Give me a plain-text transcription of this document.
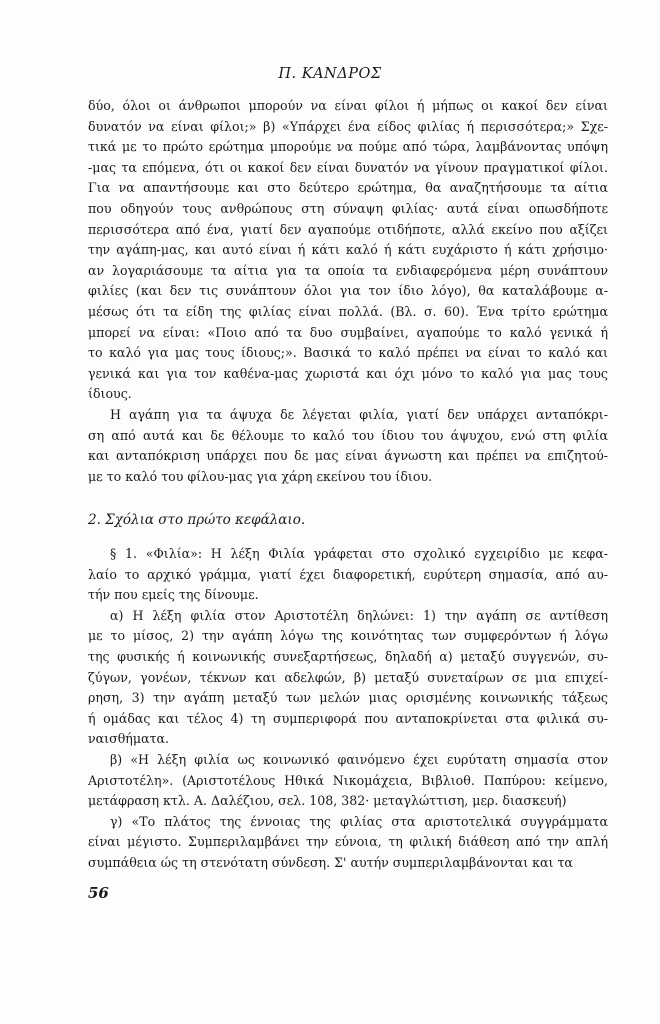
Π. ΚΑΝΔΡΟΣ
δύο, όλοι οι άνθρωποι μπορούν να είναι φίλοι ή μήπως οι κακοί δεν είναι
δυνατόν να είναι φίλοι;» β) «Υπάρχει ένα είδος φιλίας ή περισσότερα;» Σχε-
τικά με το πρώτο ερώτημα μπορούμε να πούμε από τώρα, λαμβάνοντας υπόψη
-μας τα επόμενα, ότι οι κακοί δεν είναι δυνατόν να γίνουν πραγματικοί φίλοι.
Για να απαντήσουμε και στο δεύτερο ερώτημα, θα αναζητήσουμε τα αίτια
που οδηγούν τους ανθρώπους στη σύναψη φιλίας· αυτά είναι οπωσδήποτε
περισσότερα από ένα, γιατί δεν αγαπούμε οτιδήποτε, αλλά εκείνο που αξίζει
την αγάπη-μας, και αυτό είναι ή κάτι καλό ή κάτι ευχάριστο ή κάτι χρήσιμο·
αν λογαριάσουμε τα αίτια για τα οποία τα ενδιαφερόμενα μέρη συνάπτουν
φιλίες (και δεν τις συνάπτουν όλοι για τον ίδιο λόγο), θα καταλάβουμε α-
μέσως ότι τα είδη της φιλίας είναι πολλά. (Βλ. σ. 60). Ένα τρίτο ερώτημα
μπορεί να είναι: «Ποιο από τα δυο συμβαίνει, αγαπούμε το καλό γενικά ή
το καλό για μας τους ίδιους;». Βασικά το καλό πρέπει να είναι το καλό και
γενικά και για τον καθένα-μας χωριστά και όχι μόνο το καλό για μας τους
ίδιους.
Η αγάπη για τα άψυχα δε λέγεται φιλία, γιατί δεν υπάρχει ανταπόκρι-
ση από αυτά και δε θέλουμε το καλό του ίδιου του άψυχου, ενώ στη φιλία
και ανταπόκριση υπάρχει που δε μας είναι άγνωστη και πρέπει να επιζητού-
με το καλό του φίλου-μας για χάρη εκείνου του ίδιου.
2. Σχόλια στο πρώτο κεφάλαιο.
§ 1. «Φιλία»: Η λέξη Φιλία γράφεται στο σχολικό εγχειρίδιο με κεφα-
λαίο το αρχικό γράμμα, γιατί έχει διαφορετική, ευρύτερη σημασία, από αυ-
τήν που εμείς της δίνουμε.
α) Η λέξη φιλία στον Αριστοτέλη δηλώνει: 1) την αγάπη σε αντίθεση
με το μίσος, 2) την αγάπη λόγω της κοινότητας των συμφερόντων ή λόγω
της φυσικής ή κοινωνικής συνεξαρτήσεως, δηλαδή α) μεταξύ συγγενών, συ-
ζύγων, γονέων, τέκνων και αδελφών, β) μεταξύ συνεταίρων σε μια επιχεί-
ρηση, 3) την αγάπη μεταξύ των μελών μιας ορισμένης κοινωνικής τάξεως
ή ομάδας και τέλος 4) τη συμπεριφορά που ανταποκρίνεται στα φιλικά συ-
ναισθήματα.
β) «Η λέξη φιλία ως κοινωνικό φαινόμενο έχει ευρύτατη σημασία στον
Αριστοτέλη». (Αριστοτέλους Ηθικά Νικομάχεια, Βιβλιοθ. Παπύρου: κείμενο,
μετάφραση κτλ. Α. Δαλέζιου, σελ. 108, 382· μεταγλώττιση, μερ. διασκευή)
γ) «Το πλάτος της έννοιας της φιλίας στα αριστοτελικά συγγράμματα
είναι μέγιστο. Συμπεριλαμβάνει την εύνοια, τη φιλική διάθεση από την απλή
συμπάθεια ώς τη στενότατη σύνδεση. Σ' αυτήν συμπεριλαμβάνονται και τα
56
